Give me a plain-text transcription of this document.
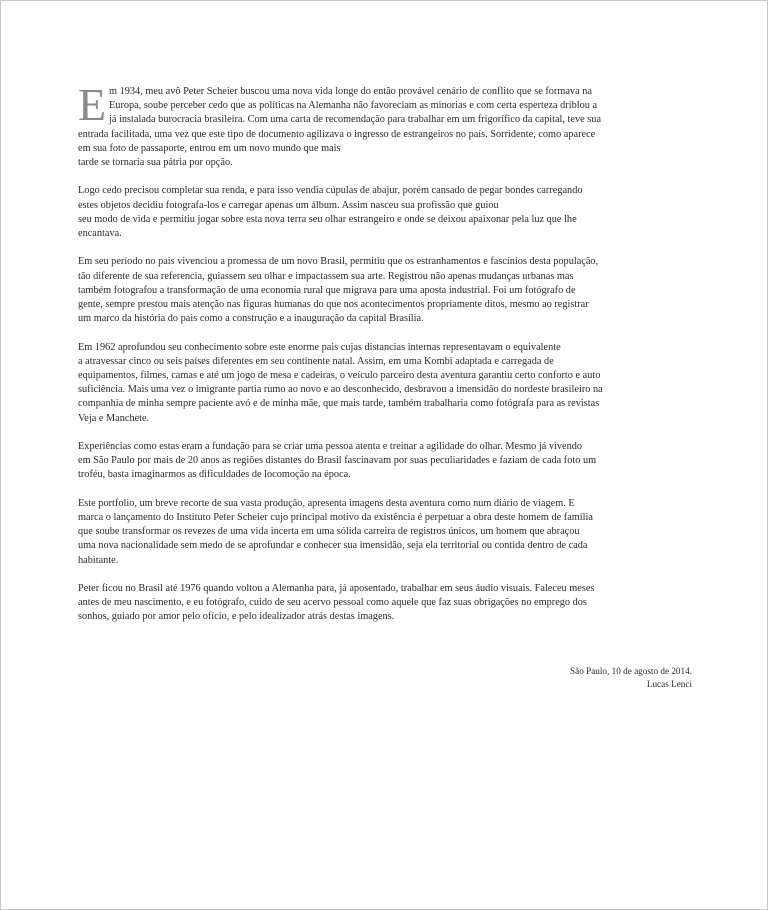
E m 1934, meu avô Peter Scheier buscou uma nova vida longe do então provável cenário de conflito que se formava na
Europa, soube perceber cedo que as políticas na Alemanha não favoreciam as minorias e com certa esperteza driblou a
já instalada burocracia brasileira. Com uma carta de recomendação para trabalhar em um frigorífico da capital, teve sua
entrada facilitada, uma vez que este tipo de documento agilizava o ingresso de estrangeiros no país. Sorridente, como aparece
em sua foto de passaporte, entrou em um novo mundo que mais
tarde se tornaria sua pátria por opção.
Logo cedo precisou completar sua renda, e para isso vendia cúpulas de abajur, porém cansado de pegar bondes carregando
estes objetos decidiu fotografa-los e carregar apenas um álbum. Assim nasceu sua profissão que guiou
seu modo de vida e permitiu jogar sobre esta nova terra seu olhar estrangeiro e onde se deixou apaixonar pela luz que lhe
encantava.
Em seu período no pais vivenciou a promessa de um novo Brasil, permitiu que os estranhamentos e fascínios desta população,
tão diferente de sua referencia, guiassem seu olhar e impactassem sua arte. Registrou não apenas mudanças urbanas mas
também fotografou a transformação de uma economia rural que migrava para uma aposta industrial. Foi um fotógrafo de
gente, sempre prestou mais atenção nas figuras humanas do que nos acontecimentos propriamente ditos, mesmo ao registrar
um marco da história do pais como a construção e a inauguração da capital Brasília.
Em 1962 aprofundou seu conhecimento sobre este enorme pais cujas distancias internas representavam o equivalente
a atravessar cinco ou seis países diferentes em seu continente natal. Assim, em uma Kombi adaptada e carregada de
equipamentos, filmes, camas e até um jogo de mesa e cadeiras, o veículo parceiro desta aventura garantiu certo conforto e auto
suficiência. Mais uma vez o imigrante partia rumo ao novo e ao desconhecido, desbravou a imensidão do nordeste brasileiro na
companhia de minha sempre paciente avó e de minha mãe, que mais tarde, também trabalharia como fotógrafa para as revistas
Veja e Manchete.
Experiências como estas eram a fundação para se criar uma pessoa atenta e treinar a agilidade do olhar. Mesmo já vivendo
em São Paulo por mais de 20 anos as regiões distantes do Brasil fascinavam por suas peculiaridades e faziam de cada foto um
troféu, basta imaginarmos as dificuldades de locomoção na época.
Este portfolio, um breve recorte de sua vasta produção, apresenta imagens desta aventura como num diário de viagem. E
marca o lançamento do Instituto Peter Scheier cujo principal motivo da existência é perpetuar a obra deste homem de família
que soube transformar os revezes de uma vida incerta em uma sólida carreira de registros únicos, um homem que abraçou
uma nova nacionalidade sem medo de se aprofundar e conhecer sua imensidão, seja ela territorial ou contida dentro de cada
habitante.
Peter ficou no Brasil até 1976 quando voltou a Alemanha para, já aposentado, trabalhar em seus áudio visuais. Faleceu meses
antes de meu nascimento, e eu fotógrafo, cuido de seu acervo pessoal como aquele que faz suas obrigações no emprego dos
sonhos, guiado por amor pelo ofício, e pelo idealizador atrás destas imagens.
São Paulo, 10 de agosto de 2014.
Lucas Lenci
